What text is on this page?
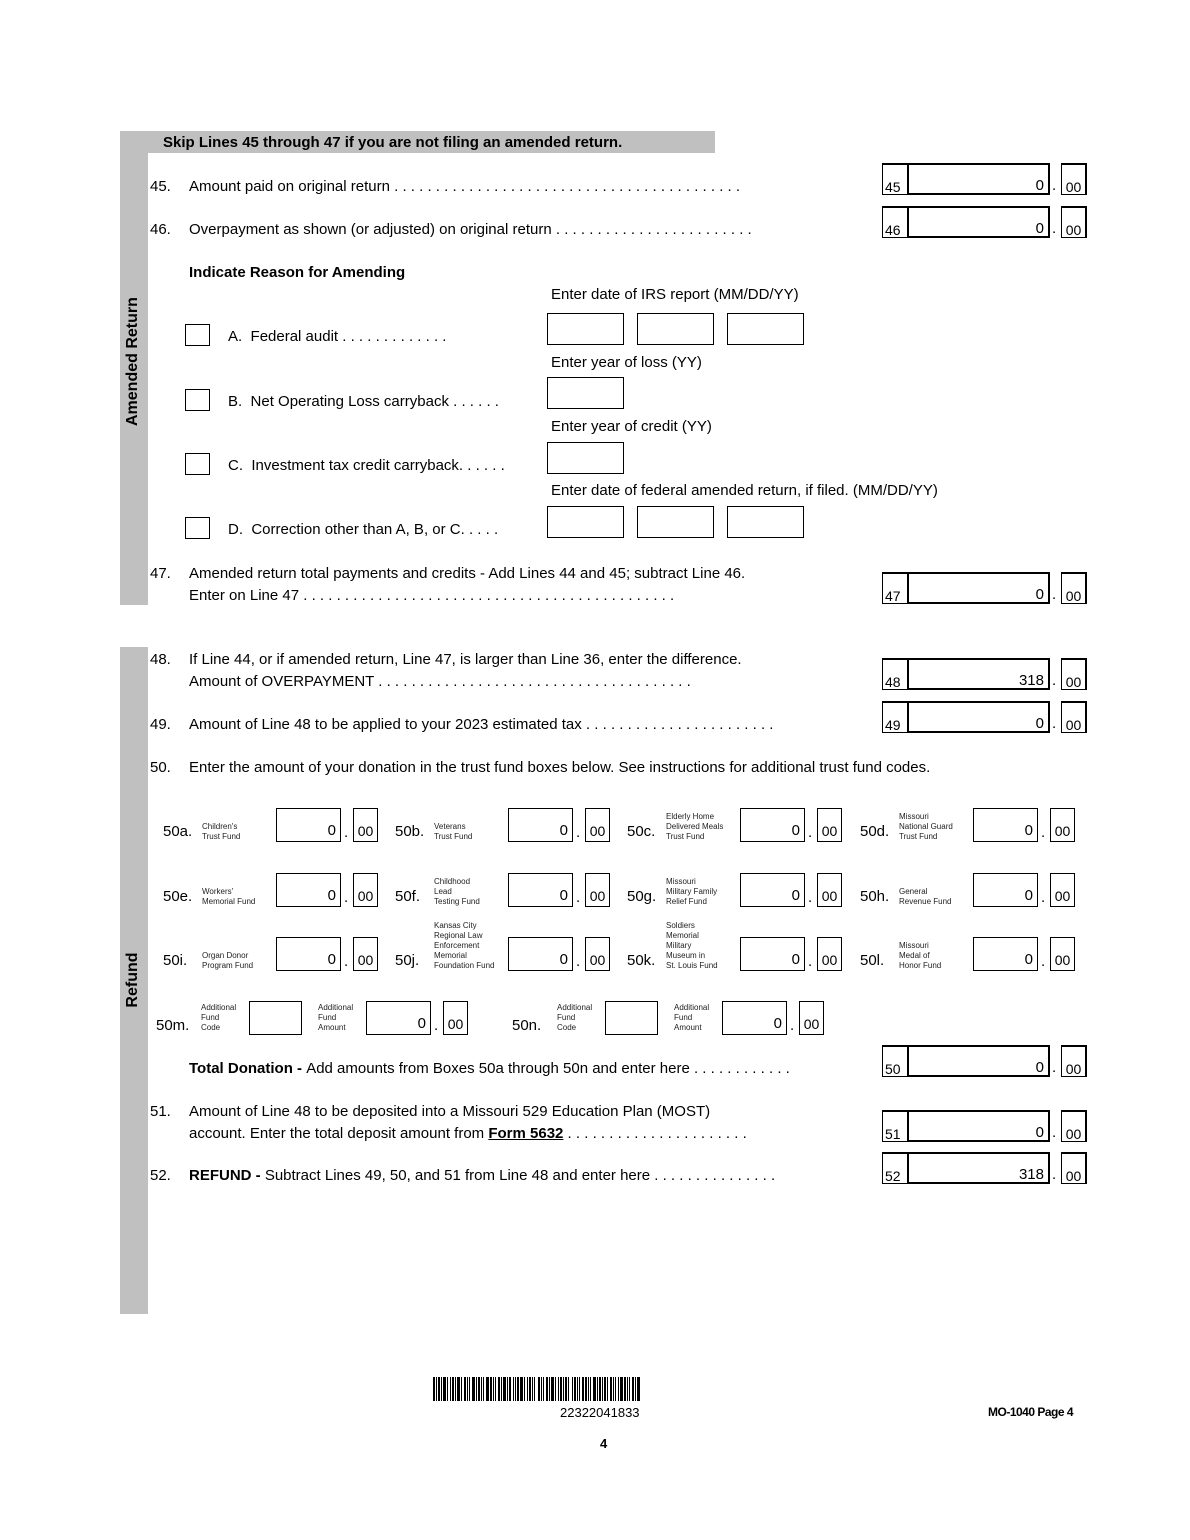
Amended Return
Refund
Skip Lines 45 through 47 if you are not filing an amended return.
45. Amount paid on original return . . . . . . . . . . . . . . . . . . . . . . . . . . . . . . . . . . . . . . . . . .	45	0 . 00
46. Overpayment as shown (or adjusted) on original return . . . . . . . . . . . . . . . . . . . . . . . .	46	0 . 00
Indicate Reason for Amending
Enter date of IRS report (MM/DD/YY)
A. Federal audit . . . . . . . . . . . . .
Enter year of loss (YY)
B. Net Operating Loss carryback . . . . . .
Enter year of credit (YY)
C. Investment tax credit carryback. . . . . .
Enter date of federal amended return, if filed. (MM/DD/YY)
D. Correction other than A, B, or C. . . . .
47. Amended return total payments and credits - Add Lines 44 and 45; subtract Line 46.
Enter on Line 47 . . . . . . . . . . . . . . . . . . . . . . . . . . . . . . . . . . . . . . . . . . . . .	47	0 . 00
48. If Line 44, or if amended return, Line 47, is larger than Line 36, enter the difference.
Amount of OVERPAYMENT . . . . . . . . . . . . . . . . . . . . . . . . . . . . . . . . . . . . . .	48	318 . 00
49. Amount of Line 48 to be applied to your 2023 estimated tax . . . . . . . . . . . . . . . . . . . . . . .	49	0 . 00
50. Enter the amount of your donation in the trust fund boxes below. See instructions for additional trust fund codes.
50a. Children's
Trust Fund	0 . 00	50b. Veterans
Trust Fund	0 . 00	50c.
Elderly Home
Delivered Meals
Trust Fund	0 . 00	50d.
Missouri
National Guard
Trust Fund	0 . 00
50e. Workers'
Memorial Fund	0 . 00	50f.
Childhood
Lead
Testing Fund	0 . 00	50g.
Missouri
Military Family
Relief Fund	0 . 00	50h. General
Revenue Fund	0 . 00
50i. Organ Donor
Program Fund	0 . 00	50j.
Kansas City
Regional Law
Enforcement
Memorial
Foundation Fund	0 . 00	50k.
Soldiers
Memorial
Military
Museum in
St. Louis Fund	0 . 00	50l.
Missouri
Medal of
Honor Fund	0 . 00
50m.
Additional
Fund
Code
Additional
Fund
Amount	0 . 00	50n.
Additional
Fund
Code
Additional
Fund
Amount	0 . 00
Total Donation - Add amounts from Boxes 50a through 50n and enter here . . . . . . . . . . . .	50	0 . 00
51. Amount of Line 48 to be deposited into a Missouri 529 Education Plan (MOST)
account. Enter the total deposit amount from Form 5632 . . . . . . . . . . . . . . . . . . . . . .	51	0 . 00
52. REFUND - Subtract Lines 49, 50, and 51 from Line 48 and enter here . . . . . . . . . . . . . . .	52	318 . 00
22322041833	MO-1040 Page 4
4
